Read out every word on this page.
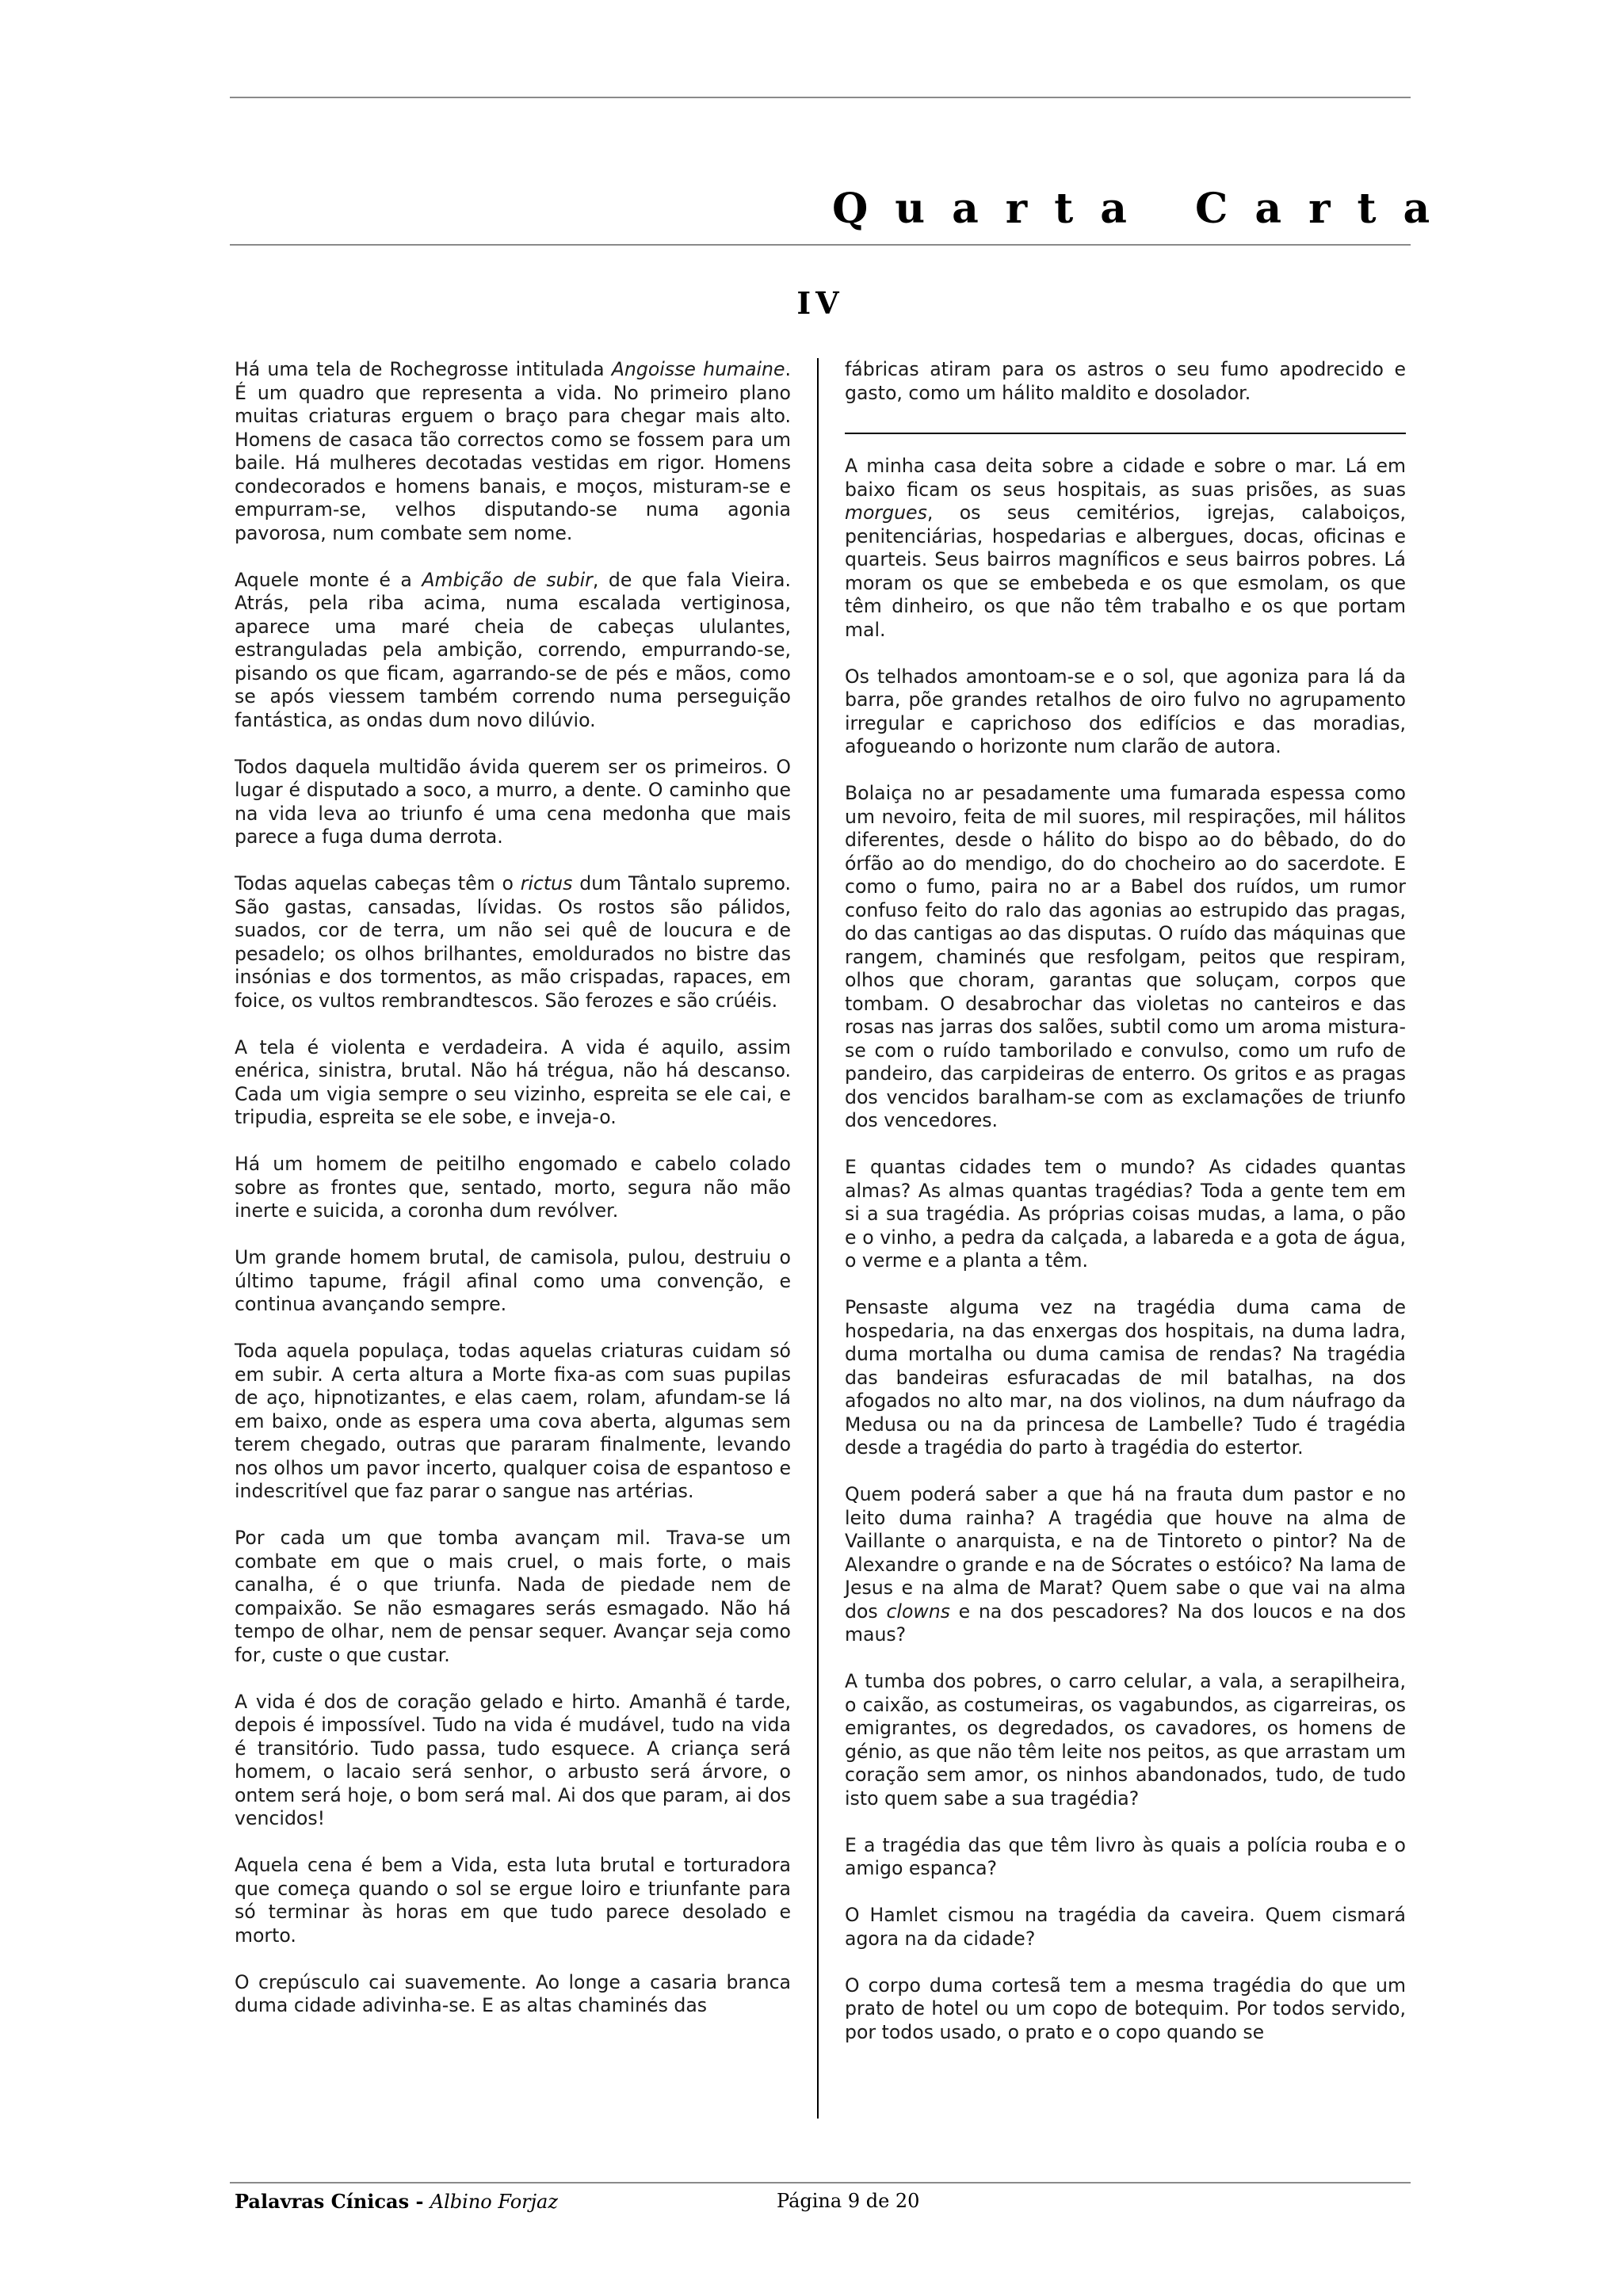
Quarta Carta
IV

Há uma tela de Rochegrosse intitulada Angoisse humaine. É um quadro que representa a vida. No primeiro plano muitas criaturas erguem o braço para chegar mais alto. Homens de casaca tão correctos como se fossem para um baile. Há mulheres decotadas vestidas em rigor. Homens condecorados e homens banais, e moços, misturam-se e empurram-se, velhos disputando-se numa agonia pavorosa, num combate sem nome.

Aquele monte é a Ambição de subir, de que fala Vieira. Atrás, pela riba acima, numa escalada vertiginosa, aparece uma maré cheia de cabeças ululantes, estranguladas pela ambição, correndo, empurrando-se, pisando os que ficam, agarrando-se de pés e mãos, como se após viessem também correndo numa perseguição fantástica, as ondas dum novo dilúvio.

Todos daquela multidão ávida querem ser os primeiros. O lugar é disputado a soco, a murro, a dente. O caminho que na vida leva ao triunfo é uma cena medonha que mais parece a fuga duma derrota.

Todas aquelas cabeças têm o rictus dum Tântalo supremo. São gastas, cansadas, lívidas. Os rostos são pálidos, suados, cor de terra, um não sei quê de loucura e de pesadelo; os olhos brilhantes, emoldurados no bistre das insónias e dos tormentos, as mão crispadas, rapaces, em foice, os vultos rembrandtescos. São ferozes e são crúéis.

A tela é violenta e verdadeira. A vida é aquilo, assim enérica, sinistra, brutal. Não há trégua, não há descanso. Cada um vigia sempre o seu vizinho, espreita se ele cai, e tripudia, espreita se ele sobe, e inveja-o.

Há um homem de peitilho engomado e cabelo colado sobre as frontes que, sentado, morto, segura não mão inerte e suicida, a coronha dum revólver.

Um grande homem brutal, de camisola, pulou, destruiu o último tapume, frágil afinal como uma convenção, e continua avançando sempre.

Toda aquela populaça, todas aquelas criaturas cuidam só em subir. A certa altura a Morte fixa-as com suas pupilas de aço, hipnotizantes, e elas caem, rolam, afundam-se lá em baixo, onde as espera uma cova aberta, algumas sem terem chegado, outras que pararam finalmente, levando nos olhos um pavor incerto, qualquer coisa de espantoso e indescritível que faz parar o sangue nas artérias.

Por cada um que tomba avançam mil. Trava-se um combate em que o mais cruel, o mais forte, o mais canalha, é o que triunfa. Nada de piedade nem de compaixão. Se não esmagares serás esmagado. Não há tempo de olhar, nem de pensar sequer. Avançar seja como for, custe o que custar.

A vida é dos de coração gelado e hirto. Amanhã é tarde, depois é impossível. Tudo na vida é mudável, tudo na vida é transitório. Tudo passa, tudo esquece. A criança será homem, o lacaio será senhor, o arbusto será árvore, o ontem será hoje, o bom será mal. Ai dos que param, ai dos vencidos!

Aquela cena é bem a Vida, esta luta brutal e torturadora que começa quando o sol se ergue loiro e triunfante para só terminar às horas em que tudo parece desolado e morto.

O crepúsculo cai suavemente. Ao longe a casaria branca duma cidade adivinha-se. E as altas chaminés das

fábricas atiram para os astros o seu fumo apodrecido e gasto, como um hálito maldito e dosolador.

A minha casa deita sobre a cidade e sobre o mar. Lá em baixo ficam os seus hospitais, as suas prisões, as suas morgues, os seus cemitérios, igrejas, calaboiços, penitenciárias, hospedarias e albergues, docas, oficinas e quarteis. Seus bairros magníficos e seus bairros pobres. Lá moram os que se embebeda e os que esmolam, os que têm dinheiro, os que não têm trabalho e os que portam mal.

Os telhados amontoam-se e o sol, que agoniza para lá da barra, põe grandes retalhos de oiro fulvo no agrupamento irregular e caprichoso dos edifícios e das moradias, afogueando o horizonte num clarão de autora.

Bolaiça no ar pesadamente uma fumarada espessa como um nevoiro, feita de mil suores, mil respirações, mil hálitos diferentes, desde o hálito do bispo ao do bêbado, do do órfão ao do mendigo, do do chocheiro ao do sacerdote. E como o fumo, paira no ar a Babel dos ruídos, um rumor confuso feito do ralo das agonias ao estrupido das pragas, do das cantigas ao das disputas. O ruído das máquinas que rangem, chaminés que resfolgam, peitos que respiram, olhos que choram, garantas que soluçam, corpos que tombam. O desabrochar das violetas no canteiros e das rosas nas jarras dos salões, subtil como um aroma mistura-se com o ruído tamborilado e convulso, como um rufo de pandeiro, das carpideiras de enterro. Os gritos e as pragas dos vencidos baralham-se com as exclamações de triunfo dos vencedores.

E quantas cidades tem o mundo? As cidades quantas almas? As almas quantas tragédias? Toda a gente tem em si a sua tragédia. As próprias coisas mudas, a lama, o pão e o vinho, a pedra da calçada, a labareda e a gota de água, o verme e a planta a têm.

Pensaste alguma vez na tragédia duma cama de hospedaria, na das enxergas dos hospitais, na duma ladra, duma mortalha ou duma camisa de rendas? Na tragédia das bandeiras esfuracadas de mil batalhas, na dos afogados no alto mar, na dos violinos, na dum náufrago da Medusa ou na da princesa de Lambelle? Tudo é tragédia desde a tragédia do parto à tragédia do estertor.

Quem poderá saber a que há na frauta dum pastor e no leito duma rainha? A tragédia que houve na alma de Vaillante o anarquista, e na de Tintoreto o pintor? Na de Alexandre o grande e na de Sócrates o estóico? Na lama de Jesus e na alma de Marat? Quem sabe o que vai na alma dos clowns e na dos pescadores? Na dos loucos e na dos maus?

A tumba dos pobres, o carro celular, a vala, a serapilheira, o caixão, as costumeiras, os vagabundos, as cigarreiras, os emigrantes, os degredados, os cavadores, os homens de génio, as que não têm leite nos peitos, as que arrastam um coração sem amor, os ninhos abandonados, tudo, de tudo isto quem sabe a sua tragédia?

E a tragédia das que têm livro às quais a polícia rouba e o amigo espanca?

O Hamlet cismou na tragédia da caveira. Quem cismará agora na da cidade?

O corpo duma cortesã tem a mesma tragédia do que um prato de hotel ou um copo de botequim. Por todos servido, por todos usado, o prato e o copo quando se

Palavras Cínicas - Albino Forjaz	Página 9 de 20
